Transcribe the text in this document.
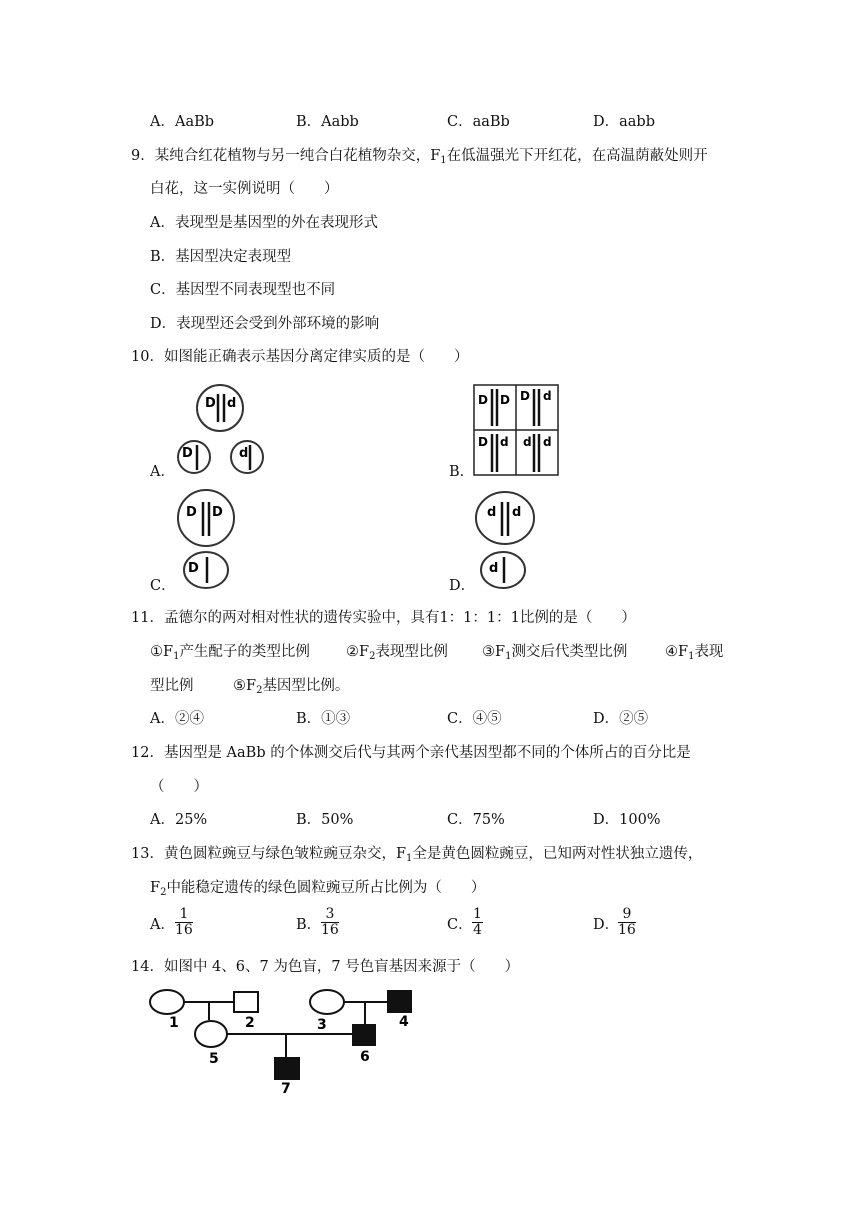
A．AaBb	B．Aabb	C．aaBb	D．aabb
9．某纯合红花植物与另一纯合白花植物杂交，$F_1$在低温强光下开红花，在高温荫蔽处则开
白花，这一实例说明（　　）
A．表现型是基因型的外在表现形式
B．基因型决定表现型
C．基因型不同表现型也不同
D．表现型还会受到外部环境的影响
10．如图能正确表示基因分离定律实质的是（　　）
A．
D d
D	d
B．
D D D d
D d d d
C．
D D
D
D．
d d
d
11．孟德尔的两对相对性状的遗传实验中，具有1：1：1：1比例的是（　　）
$①F_1$产生配子的类型比例 $②F_2$表现型比例 $③F_1$测交后代类型比例	$④F_1$表现
型比例	$⑤F_2$基因型比例。
A．②④	B．①③	C．④⑤	D．②⑤
12．基因型是 AaBb 的个体测交后代与其两个亲代基因型都不同的个体所占的百分比是
（　　）
A．25%	B．50%	C．75%	D．100%
13．黄色圆粒豌豆与绿色皱粒豌豆杂交，$F_1$全是黄色圆粒豌豆，已知两对性状独立遗传，
$F_2$中能稳定遗传的绿色圆粒豌豆所占比例为（　　）
A． $\frac{1}{16}$	B． $\frac{3}{16}$	C． $\frac{1}{4}$	D．
$\frac{9}{16}$
14．如图中 4、6、7 为色盲，7 号色盲基因来源于（　　）
1	2	3	4
5	6
7
